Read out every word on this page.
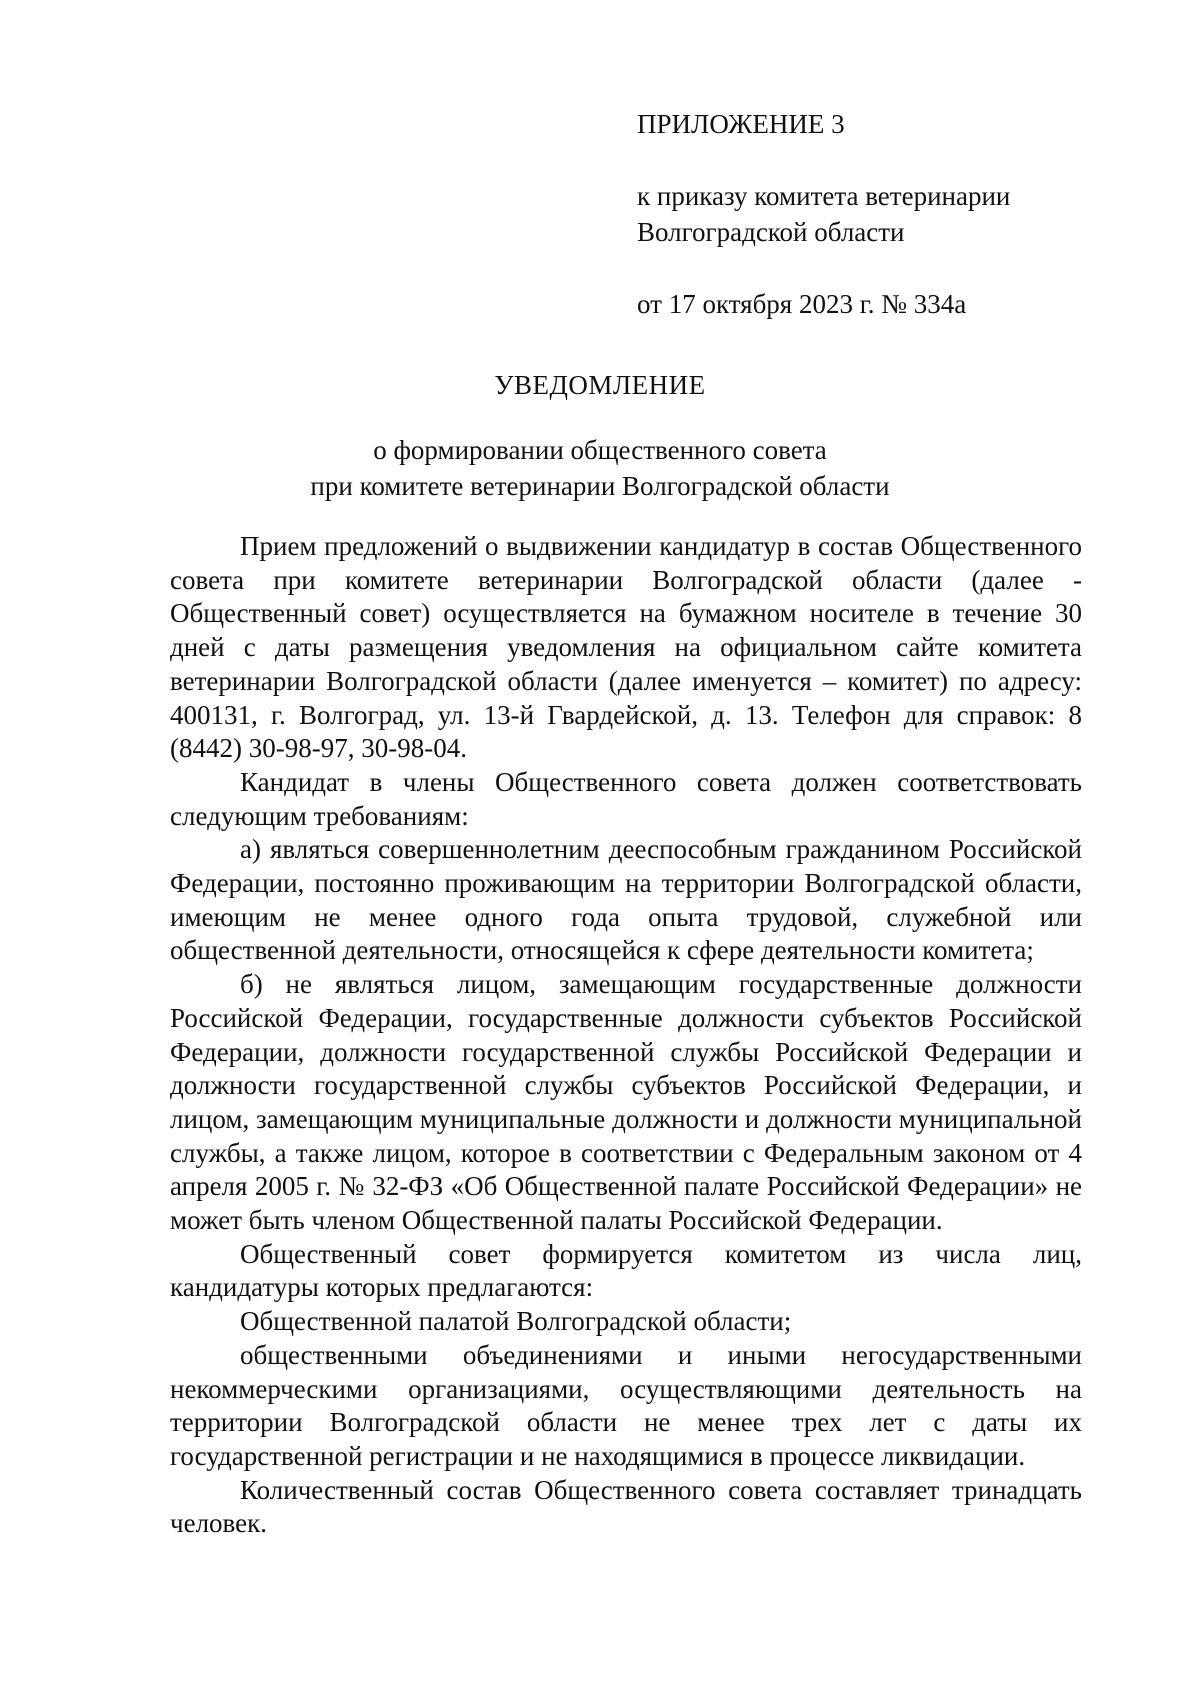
ПРИЛОЖЕНИЕ 3
к приказу комитета ветеринарии
Волгоградской области
от 17 октября 2023 г. № 334а
УВЕДОМЛЕНИЕ
о формировании общественного совета
при комитете ветеринарии Волгоградской области

Прием предложений о выдвижении кандидатур в состав Общественного совета при комитете ветеринарии Волгоградской области (далее - Общественный совет) осуществляется на бумажном носителе в течение 30 дней с даты размещения уведомления на официальном сайте комитета ветеринарии Волгоградской области (далее именуется – комитет) по адресу: 400131, г. Волгоград, ул. 13-й Гвардейской, д. 13. Телефон для справок: 8 (8442) 30-98-97, 30-98-04.

Кандидат в члены Общественного совета должен соответствовать следующим требованиям:

а) являться совершеннолетним дееспособным гражданином Российской Федерации, постоянно проживающим на территории Волгоградской области, имеющим не менее одного года опыта трудовой, служебной или общественной деятельности, относящейся к сфере деятельности комитета;

б) не являться лицом, замещающим государственные должности Российской Федерации, государственные должности субъектов Российской Федерации, должности государственной службы Российской Федерации и должности государственной службы субъектов Российской Федерации, и лицом, замещающим муниципальные должности и должности муниципальной службы, а также лицом, которое в соответствии с Федеральным законом от 4 апреля 2005 г. № 32-ФЗ «Об Общественной палате Российской Федерации» не может быть членом Общественной палаты Российской Федерации.

Общественный совет формируется комитетом из числа лиц, кандидатуры которых предлагаются:

Общественной палатой Волгоградской области;

общественными объединениями и иными негосударственными некоммерческими организациями, осуществляющими деятельность на территории Волгоградской области не менее трех лет с даты их государственной регистрации и не находящимися в процессе ликвидации.

Количественный состав Общественного совета составляет тринадцать человек.
